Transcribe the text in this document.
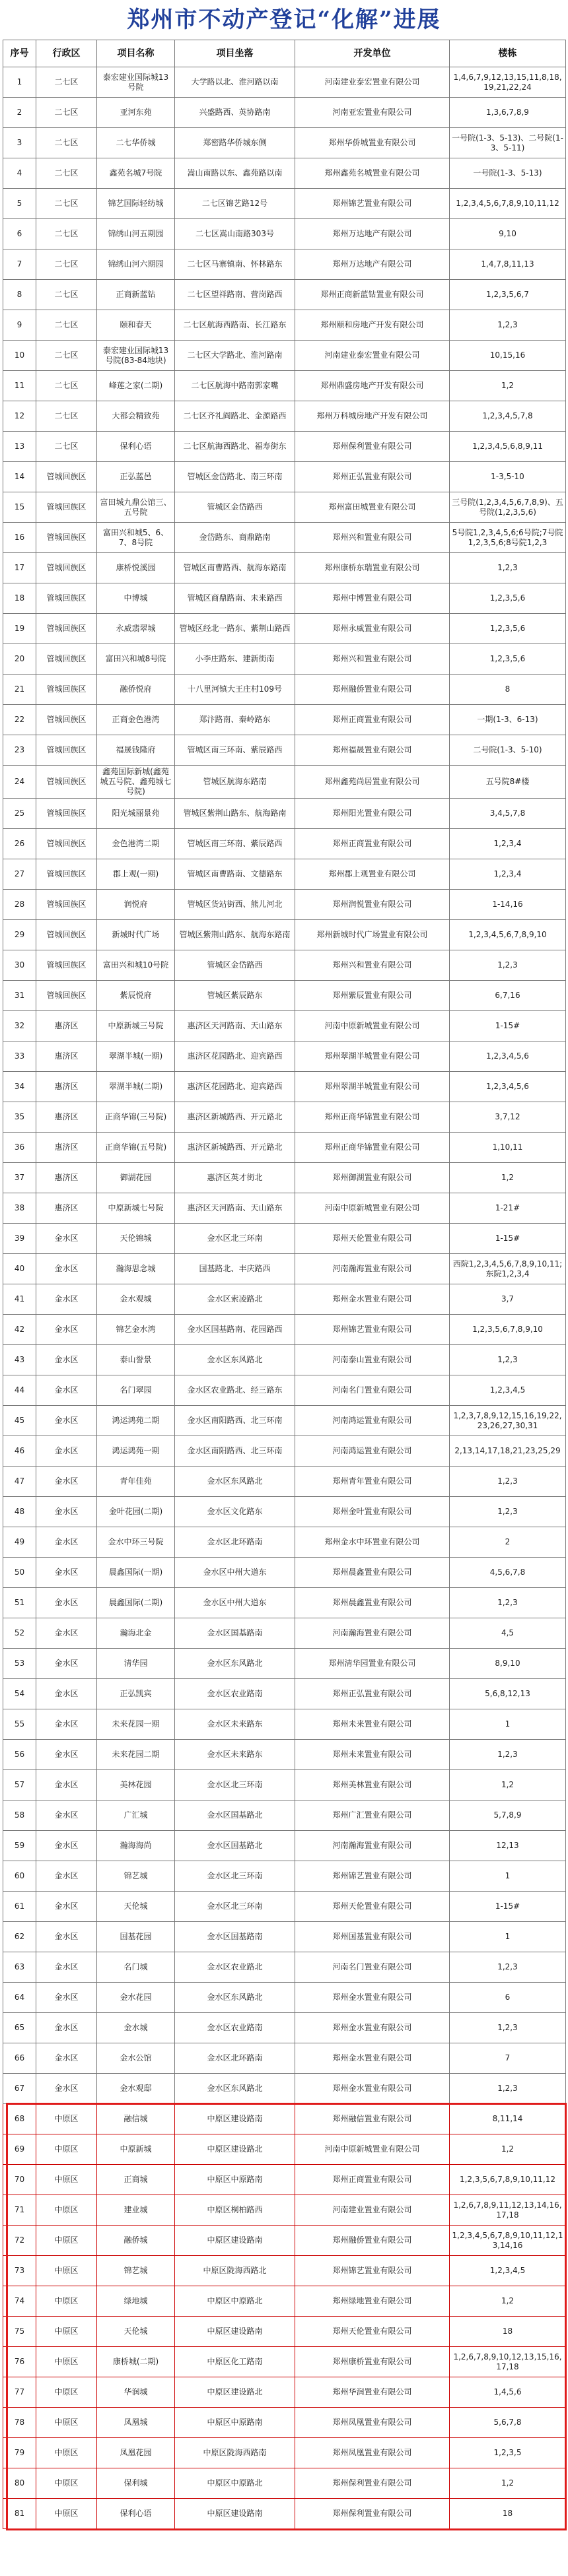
郑州市不动产登记“化解”进展
序号	行政区	项目名称	项目坐落	开发单位	楼栋
1	二七区	泰宏建业国际城13号院	大学路以北、淮河路以南	河南建业泰宏置业有限公司	1,4,6,7,9,12,13,15,11,8,18,19,21,22,24
2	二七区	亚河东苑	兴盛路西、英协路南	河南亚宏置业有限公司	1,3,6,7,8,9
3	二七区	二七华侨城	郑密路华侨城东侧	郑州华侨城置业有限公司	一号院(1-3、5-13)、二号院(1-3、5-11)
4	二七区	鑫苑名城7号院	嵩山南路以东、鑫苑路以南	郑州鑫苑名城置业有限公司	一号院(1-3、5-13)
5	二七区	锦艺国际轻纺城	二七区锦艺路12号	郑州锦艺置业有限公司	1,2,3,4,5,6,7,8,9,10,11,12
6	二七区	锦绣山河五期园	二七区嵩山南路303号	郑州万达地产有限公司	9,10
7	二七区	锦绣山河六期园	二七区马寨镇南、怀林路东	郑州万达地产有限公司	1,4,7,8,11,13
8	二七区	正商新蓝钻	二七区望祥路南、营岗路西	郑州正商新蓝钻置业有限公司	1,2,3,5,6,7
9	二七区	颐和春天	二七区航海西路南、长江路东	郑州颐和房地产开发有限公司	1,2,3
10	二七区	泰宏建业国际城13号院(83-84地块)	二七区大学路北、淮河路南	河南建业泰宏置业有限公司	10,15,16
11	二七区	峰莲之家(二期)	二七区航海中路南郭家嘴	郑州鼎盛房地产开发有限公司	1,2
12	二七区	大都会精致苑	二七区齐礼阎路北、金源路西	郑州万科城房地产开发有限公司	1,2,3,4,5,7,8
13	二七区	保利心语	二七区航海西路北、福寿街东	郑州保利置业有限公司	1,2,3,4,5,6,8,9,11
14	管城回族区	正弘蓝邑	管城区金岱路北、南三环南	郑州正弘置业有限公司	1-3,5-10
15	管城回族区	富田城九鼎公馆三、五号院	管城区金岱路西	郑州富田城置业有限公司	三号院(1,2,3,4,5,6,7,8,9)、五号院(1,2,3,5,6)
16	管城回族区	富田兴和城5、6、7、8号院	金岱路东、商鼎路南	郑州兴和置业有限公司	5号院1,2,3,4,5,6;6号院;7号院1,2,3,5,6;8号院1,2,3
17	管城回族区	康桥悦溪园	管城区南曹路西、航海东路南	郑州康桥东瑞置业有限公司	1,2,3
18	管城回族区	中博城	管城区商鼎路南、未来路西	郑州中博置业有限公司	1,2,3,5,6
19	管城回族区	永威翡翠城	管城区经北一路东、紫荆山路西	郑州永威置业有限公司	1,2,3,5,6
20	管城回族区	富田兴和城8号院	小李庄路东、建新街南	郑州兴和置业有限公司	1,2,3,5,6
21	管城回族区	融侨悦府	十八里河镇大王庄村109号	郑州融侨置业有限公司	8
22	管城回族区	正商金色港湾	郑汴路南、秦岭路东	郑州正商置业有限公司	一期(1-3、6-13)
23	管城回族区	福晟钱隆府	管城区南三环南、紫辰路西	郑州福晟置业有限公司	二号院(1-3、5-10)
24	管城回族区	鑫苑国际新城(鑫苑城五号院、鑫苑城七号院)	管城区航海东路南	郑州鑫苑尚居置业有限公司	五号院8#楼
25	管城回族区	阳光城丽景苑	管城区紫荆山路东、航海路南	郑州阳光置业有限公司	3,4,5,7,8
26	管城回族区	金色港湾二期	管城区南三环南、紫辰路西	郑州正商置业有限公司	1,2,3,4
27	管城回族区	郡上观(一期)	管城区南曹路南、文德路东	郑州郡上观置业有限公司	1,2,3,4
28	管城回族区	润悦府	管城区货站街西、熊儿河北	郑州润悦置业有限公司	1-14,16
29	管城回族区	新城时代广场	管城区紫荆山路东、航海东路南	郑州新城时代广场置业有限公司	1,2,3,4,5,6,7,8,9,10
30	管城回族区	富田兴和城10号院	管城区金岱路西	郑州兴和置业有限公司	1,2,3
31	管城回族区	紫辰悦府	管城区紫辰路东	郑州紫辰置业有限公司	6,7,16
32	惠济区	中原新城三号院	惠济区天河路南、天山路东	河南中原新城置业有限公司	1-15#
33	惠济区	翠湖半城(一期)	惠济区花园路北、迎宾路西	郑州翠湖半城置业有限公司	1,2,3,4,5,6
34	惠济区	翠湖半城(二期)	惠济区花园路北、迎宾路西	郑州翠湖半城置业有限公司	1,2,3,4,5,6
35	惠济区	正商华锦(三号院)	惠济区新城路西、开元路北	郑州正商华锦置业有限公司	3,7,12
36	惠济区	正商华锦(五号院)	惠济区新城路西、开元路北	郑州正商华锦置业有限公司	1,10,11
37	惠济区	御湖花园	惠济区英才街北	郑州御湖置业有限公司	1,2
38	惠济区	中原新城七号院	惠济区天河路南、天山路东	河南中原新城置业有限公司	1-21#
39	金水区	天伦锦城	金水区北三环南	郑州天伦置业有限公司	1-15#
40	金水区	瀚海思念城	国基路北、丰庆路西	河南瀚海置业有限公司	西院1,2,3,4,5,6,7,8,9,10,11;东院1,2,3,4
41	金水区	金水观城	金水区索凌路北	郑州金水置业有限公司	3,7
42	金水区	锦艺金水湾	金水区国基路南、花园路西	郑州锦艺置业有限公司	1,2,3,5,6,7,8,9,10
43	金水区	泰山誉景	金水区东风路北	河南泰山置业有限公司	1,2,3
44	金水区	名门翠园	金水区农业路北、经三路东	河南名门置业有限公司	1,2,3,4,5
45	金水区	鸿运鸿苑二期	金水区南阳路西、北三环南	河南鸿运置业有限公司	1,2,3,7,8,9,12,15,16,19,22,23,26,27,30,31
46	金水区	鸿运鸿苑一期	金水区南阳路西、北三环南	河南鸿运置业有限公司	2,13,14,17,18,21,23,25,29
47	金水区	青年佳苑	金水区东风路北	郑州青年置业有限公司	1,2,3
48	金水区	金叶花园(二期)	金水区文化路东	郑州金叶置业有限公司	1,2,3
49	金水区	金水中环三号院	金水区北环路南	郑州金水中环置业有限公司	2
50	金水区	晨鑫国际(一期)	金水区中州大道东	郑州晨鑫置业有限公司	4,5,6,7,8
51	金水区	晨鑫国际(二期)	金水区中州大道东	郑州晨鑫置业有限公司	1,2,3
52	金水区	瀚海北金	金水区国基路南	河南瀚海置业有限公司	4,5
53	金水区	清华园	金水区东风路北	郑州清华园置业有限公司	8,9,10
54	金水区	正弘凯宾	金水区农业路南	郑州正弘置业有限公司	5,6,8,12,13
55	金水区	未来花园一期	金水区未来路东	郑州未来置业有限公司	1
56	金水区	未来花园二期	金水区未来路东	郑州未来置业有限公司	1,2,3
57	金水区	美林花园	金水区北三环南	郑州美林置业有限公司	1,2
58	金水区	广汇城	金水区国基路北	郑州广汇置业有限公司	5,7,8,9
59	金水区	瀚海海尚	金水区国基路北	河南瀚海置业有限公司	12,13
60	金水区	锦艺城	金水区北三环南	郑州锦艺置业有限公司	1
61	金水区	天伦城	金水区北三环南	郑州天伦置业有限公司	1-15#
62	金水区	国基花园	金水区国基路南	郑州国基置业有限公司	1
63	金水区	名门城	金水区农业路北	河南名门置业有限公司	1,2,3
64	金水区	金水花园	金水区东风路北	郑州金水置业有限公司	6
65	金水区	金水城	金水区农业路南	郑州金水置业有限公司	1,2,3
66	金水区	金水公馆	金水区北环路南	郑州金水置业有限公司	7
67	金水区	金水观邸	金水区东风路北	郑州金水置业有限公司	1,2,3
68	中原区	融信城	中原区建设路南	郑州融信置业有限公司	8,11,14
69	中原区	中原新城	中原区建设路北	河南中原新城置业有限公司	1,2
70	中原区	正商城	中原区中原路南	郑州正商置业有限公司	1,2,3,5,6,7,8,9,10,11,12
71	中原区	建业城	中原区桐柏路西	河南建业置业有限公司	1,2,6,7,8,9,11,12,13,14,16,17,18
72	中原区	融侨城	中原区建设路南	郑州融侨置业有限公司	1,2,3,4,5,6,7,8,9,10,11,12,13,14,16
73	中原区	锦艺城	中原区陇海西路北	郑州锦艺置业有限公司	1,2,3,4,5
74	中原区	绿地城	中原区中原路北	郑州绿地置业有限公司	1,2
75	中原区	天伦城	中原区建设路南	郑州天伦置业有限公司	18
76	中原区	康桥城(二期)	中原区化工路南	郑州康桥置业有限公司	1,2,6,7,8,9,10,12,13,15,16,17,18
77	中原区	华润城	中原区建设路北	郑州华润置业有限公司	1,4,5,6
78	中原区	凤凰城	中原区中原路南	郑州凤凰置业有限公司	5,6,7,8
79	中原区	凤凰花园	中原区陇海西路南	郑州凤凰置业有限公司	1,2,3,5
80	中原区	保利城	中原区中原路北	郑州保利置业有限公司	1,2
81	中原区	保利心语	中原区建设路南	郑州保利置业有限公司	18
